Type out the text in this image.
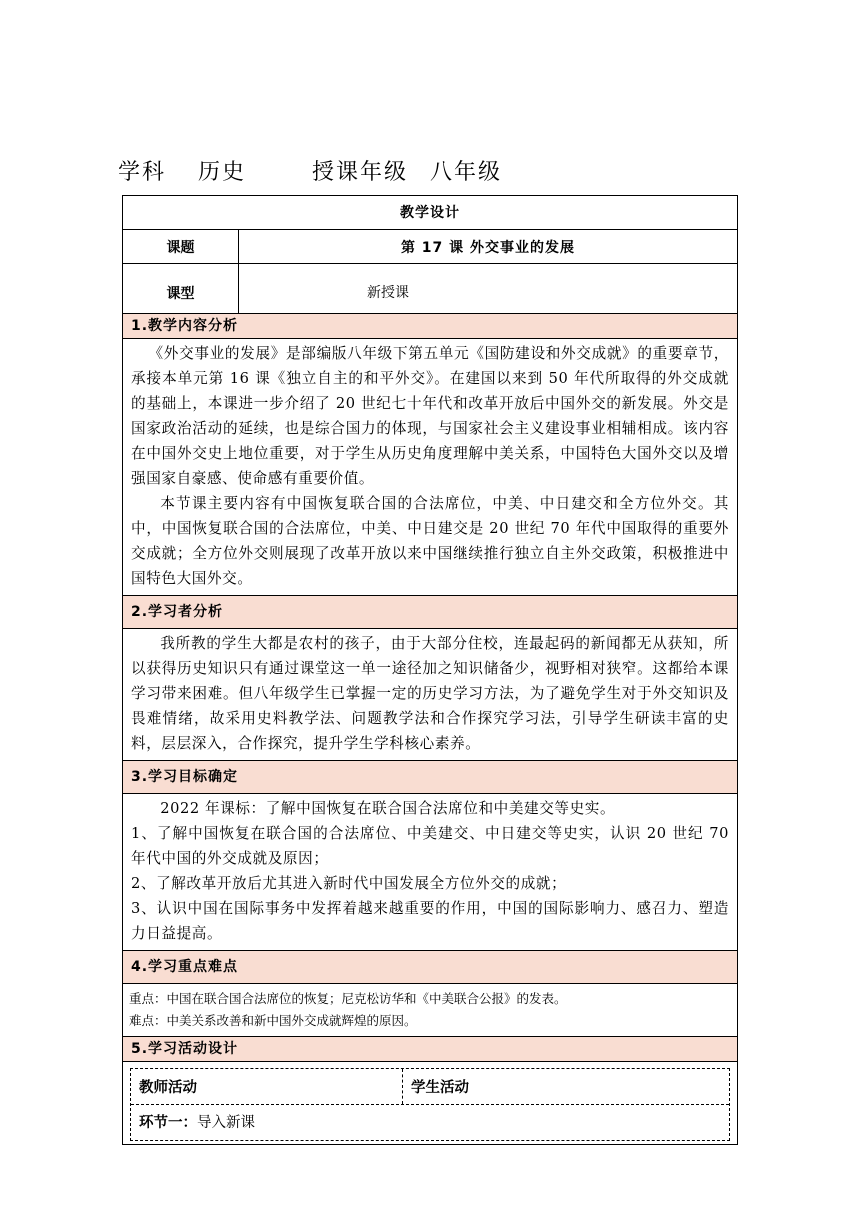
学科 历史	授课年级 八年级
教学设计
课题	第 17 课 外交事业的发展
课型	新授课
1.教学内容分析

《外交事业的发展》是部编版八年级下第五单元《国防建设和外交成就》的重要章节，承接本单元第 16 课《独立自主的和平外交》。在建国以来到 50 年代所取得的外交成就的基础上，本课进一步介绍了 20 世纪七十年代和改革开放后中国外交的新发展。外交是国家政治活动的延续，也是综合国力的体现，与国家社会主义建设事业相辅相成。该内容在中国外交史上地位重要，对于学生从历史角度理解中美关系，中国特色大国外交以及增强国家自豪感、使命感有重要价值。

本节课主要内容有中国恢复联合国的合法席位，中美、中日建交和全方位外交。其中，中国恢复联合国的合法席位，中美、中日建交是 20 世纪 70 年代中国取得的重要外交成就；全方位外交则展现了改革开放以来中国继续推行独立自主外交政策，积极推进中国特色大国外交。

2.学习者分析

我所教的学生大都是农村的孩子，由于大部分住校，连最起码的新闻都无从获知，所以获得历史知识只有通过课堂这一单一途径加之知识储备少，视野相对狭窄。这都给本课学习带来困难。但八年级学生已掌握一定的历史学习方法，为了避免学生对于外交知识及畏难情绪，故采用史料教学法、问题教学法和合作探究学习法，引导学生研读丰富的史料，层层深入，合作探究，提升学生学科核心素养。

3.学习目标确定

2022 年课标：了解中国恢复在联合国合法席位和中美建交等史实。

1、了解中国恢复在联合国的合法席位、中美建交、中日建交等史实，认识 20 世纪 70 年代中国的外交成就及原因；

2、了解改革开放后尤其进入新时代中国发展全方位外交的成就；

3、认识中国在国际事务中发挥着越来越重要的作用，中国的国际影响力、感召力、塑造力日益提高。

4.学习重点难点

重点：中国在联合国合法席位的恢复；尼克松访华和《中美联合公报》的发表。

难点：中美关系改善和新中国外交成就辉煌的原因。

5.学习活动设计
教师活动	学生活动
环节一：导入新课
